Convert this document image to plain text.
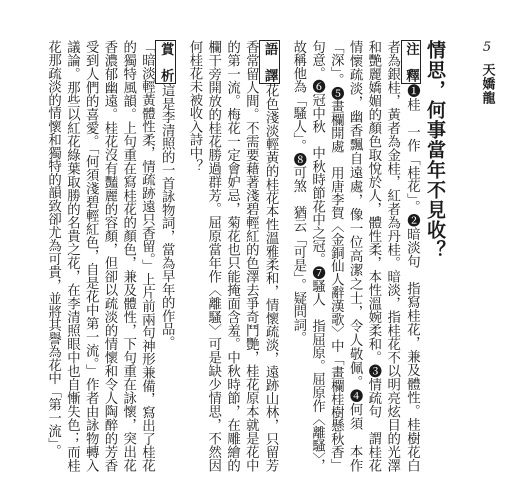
5
天嬌龍

情思，何事當年不見收？

注　釋❶桂　一作「桂花」。❷暗淡句　指寫桂花，兼及體性。桂樹花白者為銀桂，黃者為金桂，紅者為丹桂。暗淡，指桂花不以明亮炫目的光澤和艷麗嬌媚的顏色取悅於人，體性柔，本性溫婉柔和。❸情疏句　謂桂花情懷疏淡，幽香飄自遠處，像一位高潔之士，令人敬佩。❹何須　本作「深」。❺畫欄開處　用唐李賀〈金銅仙人辭漢歌〉中「畫欄桂樹懸秋香」句意。❻冠中秋　中秋時節花中之冠。❼騷人　指屈原。屈原作〈離騷〉，故稱他為「騷人」。❽可煞　猶云「可是」。疑問詞。

語　譯花色淺淡輕黃的桂花本性溫雅柔和，情懷疏淡，遠跡山林，只留芳香常留人間。不需要藉著淺碧輕紅的色澤去爭奇鬥艷，桂花原本就是花中的第一流。梅花一定會妒忌，菊花也只能掩面含羞。中秋時節，在雕繪的欄干旁開放的桂花勝過群芳。屈原當年作〈離騷〉可是缺少情思，不然因何桂花未被收入詩中？

賞　析這是李清照的一首詠物詞，當為早年的作品。

「暗淡輕黃體性柔，情疏跡遠只香留。」上片前兩句神形兼備，寫出了桂花的獨特風韻。上句重在寫桂花的顏色，兼及體性，下句重在詠懷，突出花香濃郁幽遠。桂花沒有豔麗的容顏，但卻以疏淡的情懷和令人陶醉的芳香受到人們的喜愛。「何須淺碧輕紅色，自是花中第一流。」作者由詠物轉入議論。那些以紅花綠葉取勝的名貴之花，在李清照眼中也自慚失色；而桂花那疏淡的情懷和獨特的韻致卻尤為可貴，並將其譽為花中「第一流」。
